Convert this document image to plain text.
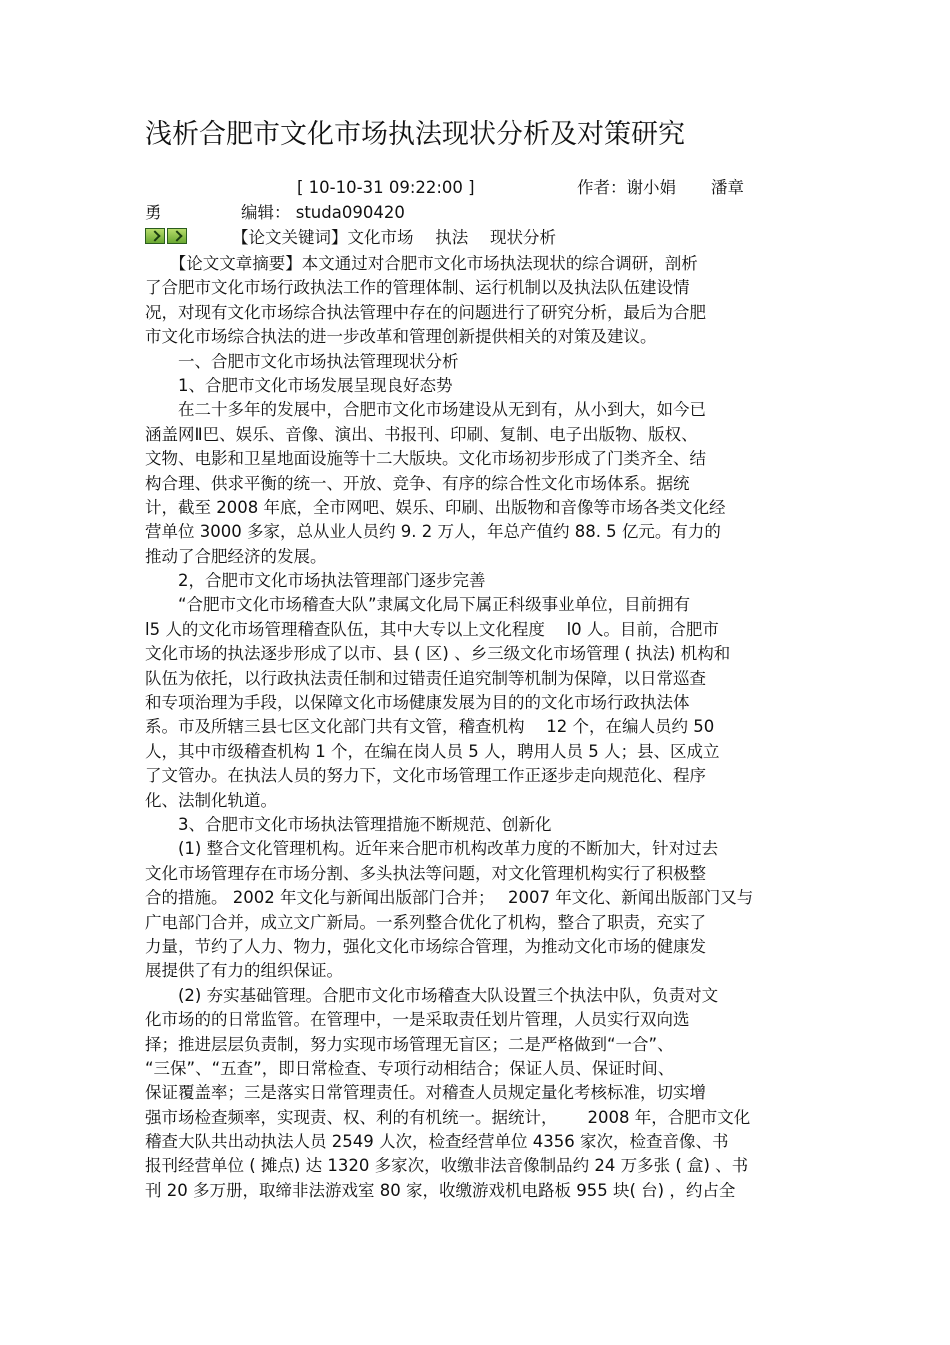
浅析合肥市文化市场执法现状分析及对策研究
[ 10-10-31 09:22:00 ]	作者：谢小娟 潘章
勇	编辑： studa090420
【论文关键词】文化市场　 执法　 现状分析
　　【论文文章摘要】本文通过对合肥市文化市场执法现状的综合调研，剖析
了合肥市文化市场行政执法工作的管理体制、运行机制以及执法队伍建设情
况，对现有文化市场综合执法管理中存在的问题进行了研究分析，最后为合肥
市文化市场综合执法的进一步改革和管理创新提供相关的对策及建议。
　　一、合肥市文化市场执法管理现状分析
　　1、合肥市文化市场发展呈现良好态势
　　在二十多年的发展中，合肥市文化市场建设从无到有，从小到大，如今已
涵盖网Ⅱ巴、娱乐、音像、演出、书报刊、印刷、复制、电子出版物、版权、
文物、电影和卫星地面设施等十二大版块。文化市场初步形成了门类齐全、结
构合理、供求平衡的统一、开放、竞争、有序的综合性文化市场体系。据统
计，截至 2008 年底，全市网吧、娱乐、印刷、出版物和音像等市场各类文化经
营单位 3000 多家，总从业人员约 9. 2 万人，年总产值约 88. 5 亿元。有力的
推动了合肥经济的发展。
　　2，合肥市文化市场执法管理部门逐步完善
　　“合肥市文化市场稽查大队”隶属文化局下属正科级事业单位，目前拥有
l5 人的文化市场管理稽查队伍，其中大专以上文化程度　 l0 人。目前，合肥市
文化市场的执法逐步形成了以市、县 ( 区) 、乡三级文化市场管理 ( 执法) 机构和
队伍为依托，以行政执法责任制和过错责任追究制等机制为保障，以日常巡查
和专项治理为手段，以保障文化市场健康发展为目的的文化市场行政执法体
系。市及所辖三县七区文化部门共有文管，稽查机构　 12 个，在编人员约 50
人，其中市级稽查机构 1 个，在编在岗人员 5 人，聘用人员 5 人；县、区成立
了文管办。在执法人员的努力下，文化市场管理工作正逐步走向规范化、程序
化、法制化轨道。
　　3、合肥市文化市场执法管理措施不断规范、创新化
　　(1) 整合文化管理机构。近年来合肥市机构改革力度的不断加大，针对过去
文化市场管理存在市场分割、多头执法等问题，对文化管理机构实行了积极整
合的措施。 2002 年文化与新闻出版部门合并；　 2007 年文化、新闻出版部门又与
广电部门合并，成立文广新局。一系列整合优化了机构，整合了职责，充实了
力量，节约了人力、物力，强化文化市场综合管理，为推动文化市场的健康发
展提供了有力的组织保证。
　　(2) 夯实基础管理。合肥市文化市场稽查大队设置三个执法中队，负责对文
化市场的的日常监管。在管理中，一是采取责任划片管理，人员实行双向选
择；推进层层负责制，努力实现市场管理无盲区；二是严格做到“一合”、
“三保”、“五查”，即日常检查、专项行动相结合；保证人员、保证时间、
保证覆盖率；三是落实日常管理责任。对稽查人员规定量化考核标准，切实增
强市场检查频率，实现责、权、利的有机统一。据统计，　　 2008 年，合肥市文化
稽查大队共出动执法人员 2549 人次，检查经营单位 4356 家次，检查音像、书
报刊经营单位 ( 摊点) 达 1320 多家次，收缴非法音像制品约 24 万多张 ( 盒) 、书
刊 20 多万册，取缔非法游戏室 80 家，收缴游戏机电路板 955 块( 台) ，约占全
